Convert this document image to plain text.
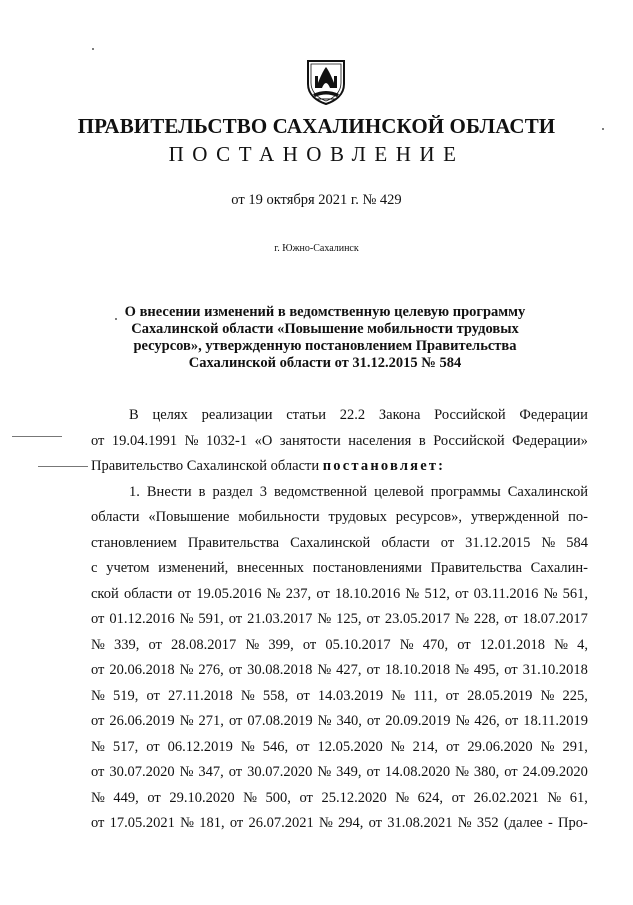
ПРАВИТЕЛЬСТВО САХАЛИНСКОЙ ОБЛАСТИ
ПОСТАНОВЛЕНИЕ
от 19 октября 2021 г. № 429
г. Южно-Сахалинск
О внесении изменений в ведомственную целевую программу
Сахалинской области «Повышение мобильности трудовых
ресурсов», утвержденную постановлением Правительства
Сахалинской области от 31.12.2015 № 584
В целях реализации статьи 22.2 Закона Российской Федерации
от 19.04.1991 № 1032-1 «О занятости населения в Российской Федерации»
Правительство Сахалинской области
постановляет:
1. Внести в раздел 3 ведомственной целевой программы Сахалинской
области «Повышение мобильности трудовых ресурсов», утвержденной по-
становлением Правительства Сахалинской области от 31.12.2015 № 584
с учетом изменений, внесенных постановлениями Правительства Сахалин-
ской области от 19.05.2016 № 237, от 18.10.2016 № 512, от 03.11.2016 № 561,
от 01.12.2016 № 591, от 21.03.2017 № 125, от 23.05.2017 № 228, от 18.07.2017
№ 339, от 28.08.2017 № 399, от 05.10.2017 № 470, от 12.01.2018 № 4,
от 20.06.2018 № 276, от 30.08.2018 № 427, от 18.10.2018 № 495, от 31.10.2018
№ 519, от 27.11.2018 № 558, от 14.03.2019 № 111, от 28.05.2019 № 225,
от 26.06.2019 № 271, от 07.08.2019 № 340, от 20.09.2019 № 426, от 18.11.2019
№ 517, от 06.12.2019 № 546, от 12.05.2020 № 214, от 29.06.2020 № 291,
от 30.07.2020 № 347, от 30.07.2020 № 349, от 14.08.2020 № 380, от 24.09.2020
№ 449, от 29.10.2020 № 500, от 25.12.2020 № 624, от 26.02.2021 № 61,
от 17.05.2021 № 181, от 26.07.2021 № 294, от 31.08.2021 № 352 (далее - Про-
